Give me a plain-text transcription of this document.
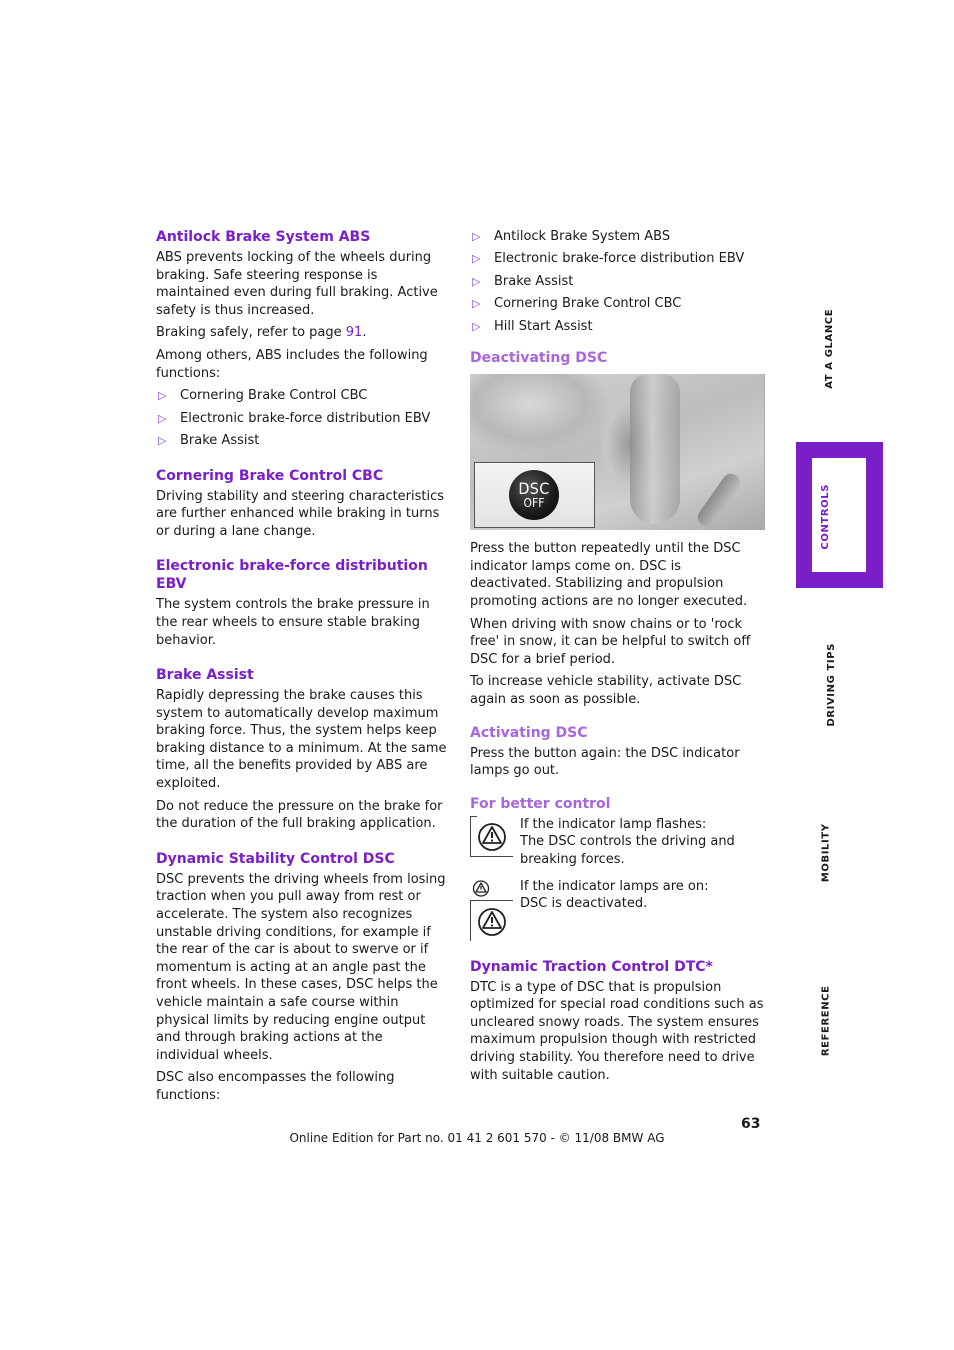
Antilock Brake System ABS

ABS prevents locking of the wheels during braking. Safe steering response is maintained even during full braking. Active safety is thus increased.

Braking safely, refer to page 91.

Among others, ABS includes the following functions:

▷ Cornering Brake Control CBC
▷ Electronic brake-force distribution EBV
▷ Brake Assist
Cornering Brake Control CBC

Driving stability and steering characteristics are further enhanced while braking in turns or during a lane change.

Electronic brake-force distribution EBV

The system controls the brake pressure in the rear wheels to ensure stable braking behavior.

Brake Assist

Rapidly depressing the brake causes this system to automatically develop maximum braking force. Thus, the system helps keep braking distance to a minimum. At the same time, all the benefits provided by ABS are exploited.

Do not reduce the pressure on the brake for the duration of the full braking application.

Dynamic Stability Control DSC

DSC prevents the driving wheels from losing traction when you pull away from rest or accelerate. The system also recognizes unstable driving conditions, for example if the rear of the car is about to swerve or if momentum is acting at an angle past the front wheels. In these cases, DSC helps the vehicle maintain a safe course within physical limits by reducing engine output and through braking actions at the individual wheels.

DSC also encompasses the following functions:

▷ Antilock Brake System ABS
▷ Electronic brake-force distribution EBV
▷ Brake Assist
▷ Cornering Brake Control CBC
▷ Hill Start Assist
Deactivating DSC
DSC
OFF

Press the button repeatedly until the DSC indicator lamps come on. DSC is deactivated. Stabilizing and propulsion promoting actions are no longer executed.

When driving with snow chains or to 'rock free' in snow, it can be helpful to switch off DSC for a brief period.

To increase vehicle stability, activate DSC again as soon as possible.

Activating DSC

Press the button again: the DSC indicator lamps go out.

For better control
If the indicator lamp flashes:
The DSC controls the driving and breaking forces.
If the indicator lamps are on:
DSC is deactivated.
Dynamic Traction Control DTC*

DTC is a type of DSC that is propulsion optimized for special road conditions such as uncleared snowy roads. The system ensures maximum propulsion though with restricted driving stability. You therefore need to drive with suitable caution.

AT A GLANCE
CONTROLS
DRIVING TIPS
MOBILITY
REFERENCE
63
Online Edition for Part no. 01 41 2 601 570 - © 11/08 BMW AG
